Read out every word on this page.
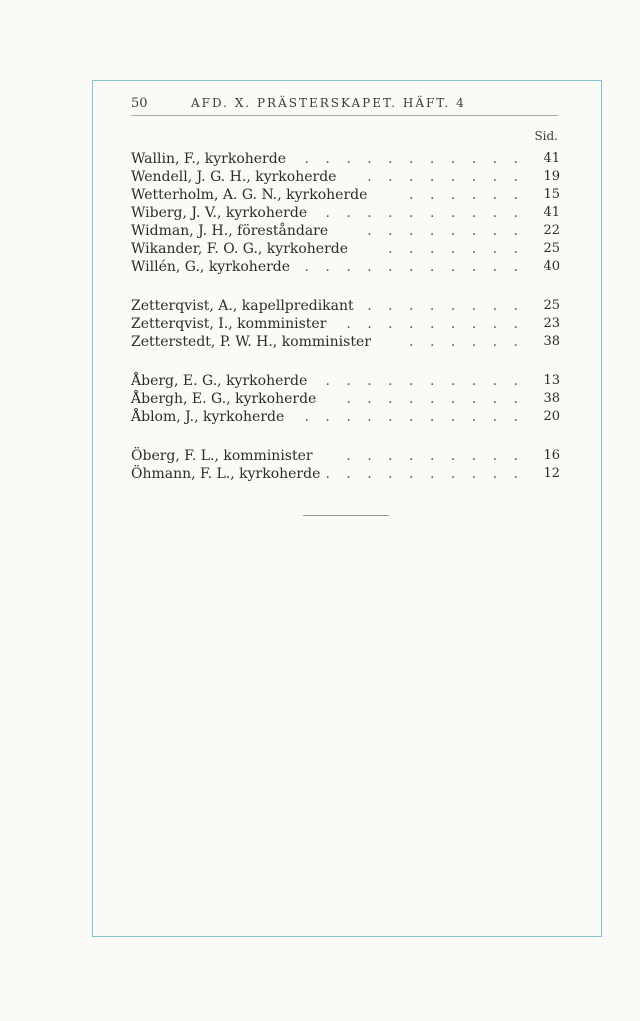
50	AFD. X. PRÄSTERSKAPET. HÄFT. 4
Sid.
Wallin, F., kyrkoherde . . . . . . . . . . .	41
Wendell, J. G. H., kyrkoherde . . . . . . . .	19
Wetterholm, A. G. N., kyrkoherde	. . . . . .	15
Wiberg, J. V., kyrkoherde . . . . . . . . . .	41
Widman, J. H., föreståndare	. . . . . . . .	22
Wikander, F. O. G., kyrkoherde	. . . . . . .	25
Willén, G., kyrkoherde . . . . . . . . . . .	40
Zetterqvist, A., kapellpredikant . . . . . . . .	25
Zetterqvist, I., komminister . . . . . . . . .	23
Zetterstedt, P. W. H., komminister	. . . . . .	38
Åberg, E. G., kyrkoherde . . . . . . . . . .	13
Åbergh, E. G., kyrkoherde . . . . . . . . .	38
Åblom, J., kyrkoherde . . . . . . . . . . .	20
Öberg, F. L., komminister . . . . . . . . .	16
Öhmann, F. L., kyrkoherde . . . . . . . . . .	12
